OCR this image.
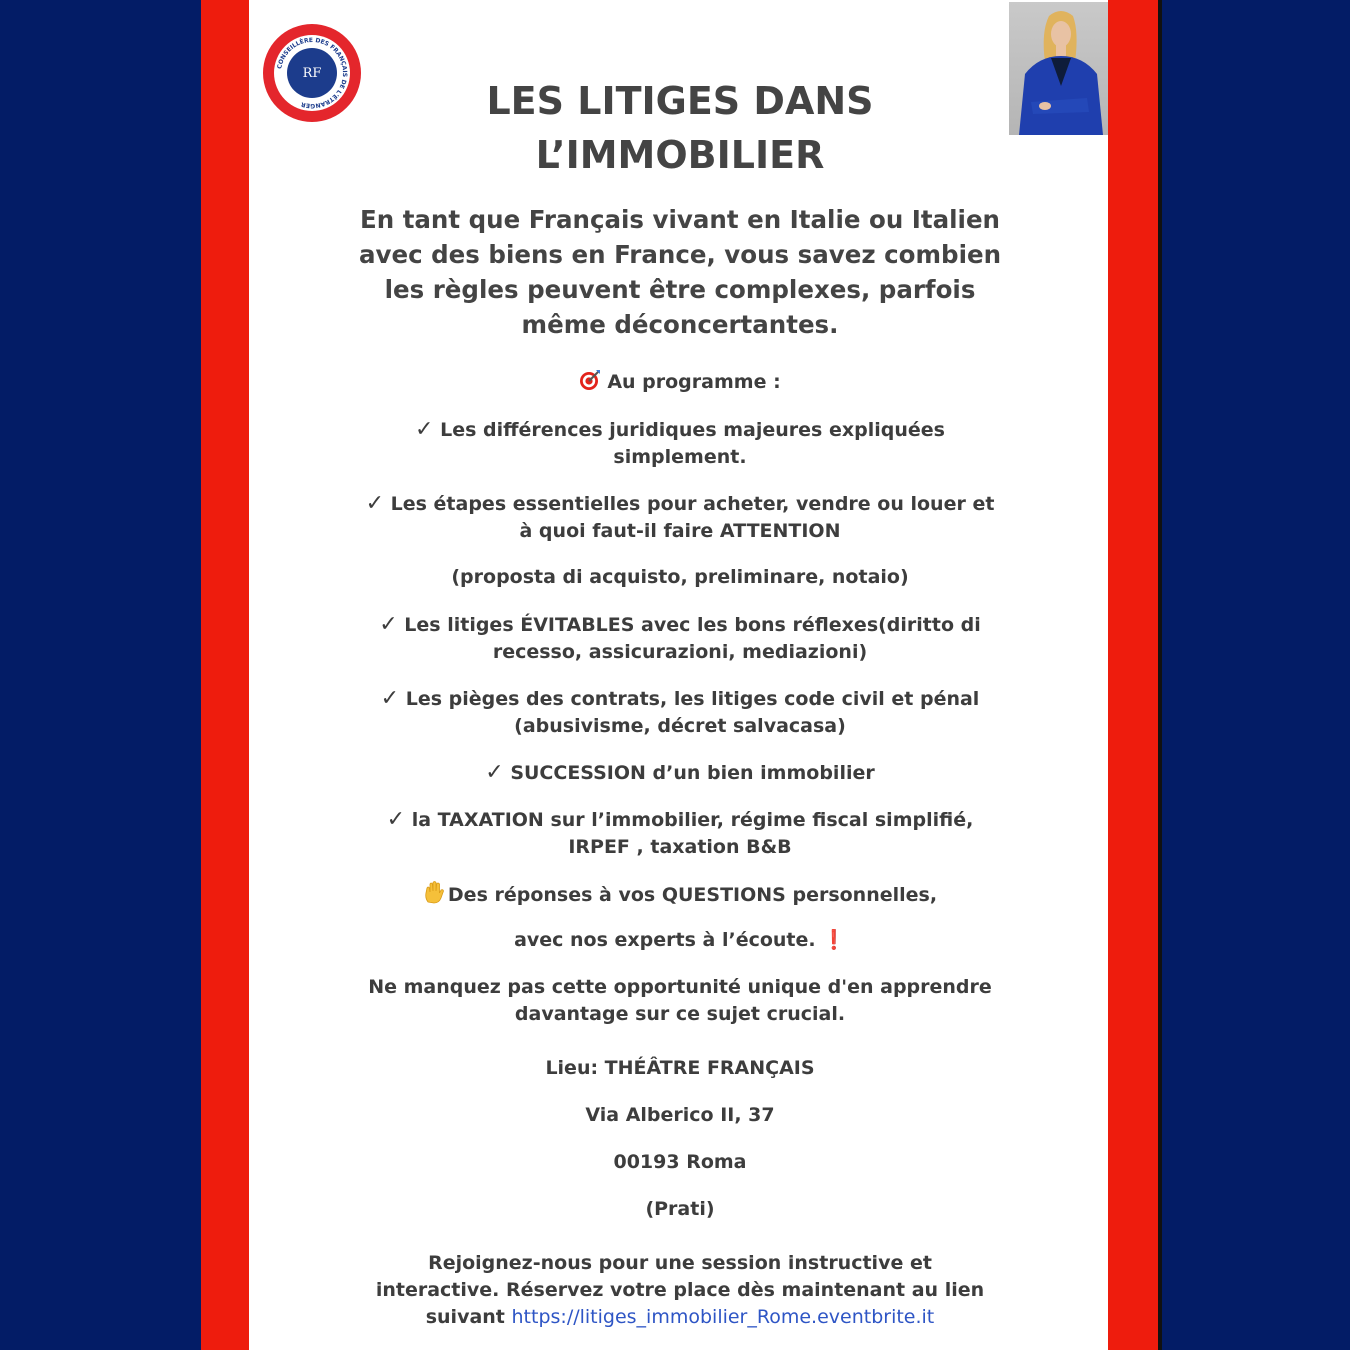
CONSEILLÈRE DES FRANÇAIS DE L'ÉTRANGER
RF
LES LITIGES DANS
L’IMMOBILIER
En tant que Français vivant en Italie ou Italien
avec des biens en France, vous savez combien
les règles peuvent être complexes, parfois
même déconcertantes.
Au programme :
✓ Les différences juridiques majeures expliquées
simplement.
✓ Les étapes essentielles pour acheter, vendre ou louer et
à quoi faut-il faire ATTENTION
(proposta di acquisto, preliminare, notaio)
✓ Les litiges ÉVITABLES avec les bons réflexes(diritto di
recesso, assicurazioni, mediazioni)
✓ Les pièges des contrats, les litiges code civil et pénal
(abusivisme, décret salvacasa)
✓ SUCCESSION d’un bien immobilier
✓ la TAXATION sur l’immobilier, régime fiscal simplifié,
IRPEF , taxation B&B
Des réponses à vos QUESTIONS personnelles,
avec nos experts à l’écoute. ❗
Ne manquez pas cette opportunité unique d'en apprendre
davantage sur ce sujet crucial.
Lieu: THÉÂTRE FRANÇAIS
Via Alberico II, 37
00193 Roma
(Prati)
Rejoignez-nous pour une session instructive et
interactive. Réservez votre place dès maintenant au lien
suivant https://litiges_immobilier_Rome.eventbrite.it
